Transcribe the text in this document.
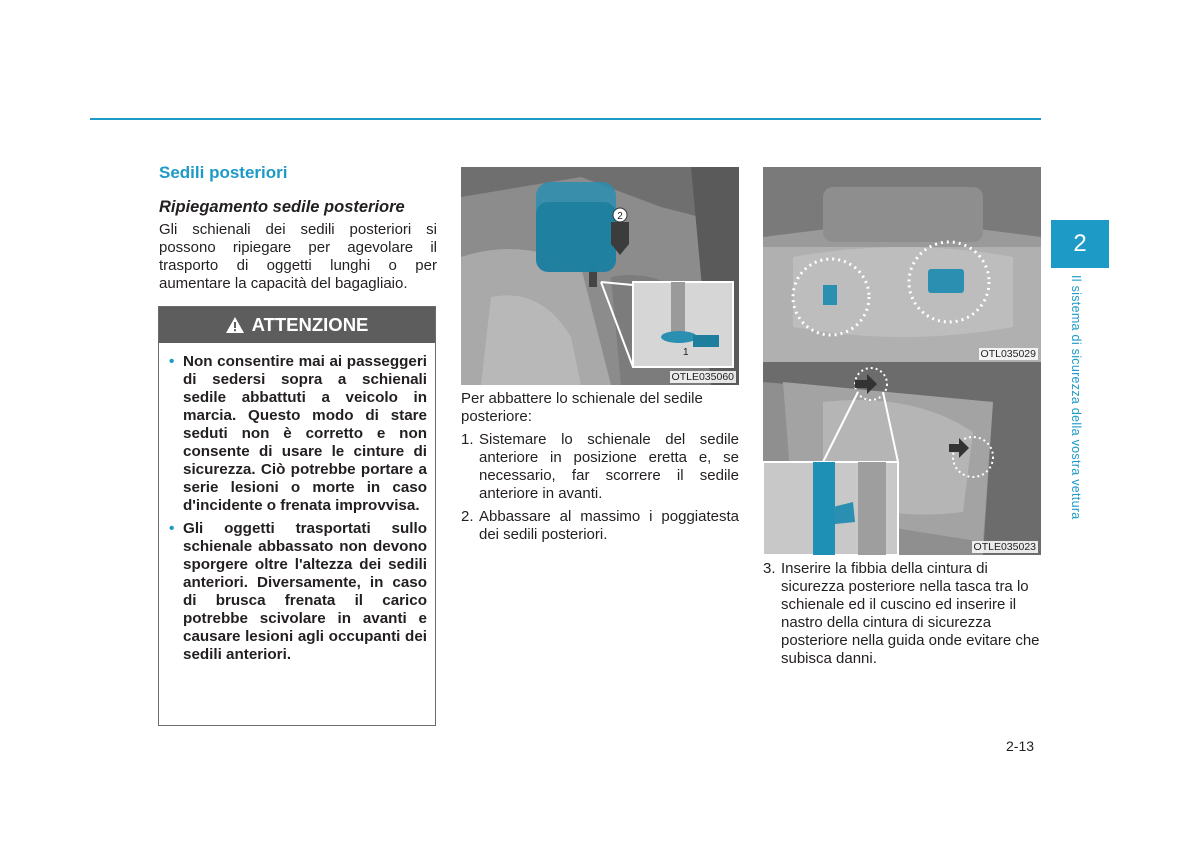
Sedili posteriori
Ripiegamento sedile posteriore
Gli schienali dei sedili posteriori si possono ripiegare per agevolare il trasporto di oggetti lunghi o per aumentare la capacità del bagagliaio.
ATTENZIONE
• Non consentire mai ai passeggeri di sedersi sopra a schienali sedile abbattuti a veicolo in marcia. Questo modo di stare seduti non è corretto e non consente di usare le cinture di sicurezza. Ciò potrebbe portare a serie lesioni o morte in caso d'incidente o frenata improvvisa.
• Gli oggetti trasportati sullo schienale abbassato non devono sporgere oltre l'altezza dei sedili anteriori. Diversamente, in caso di brusca frenata il carico potrebbe scivolare in avanti e causare lesioni agli occupanti dei sedili anteriori.
2
1
OTLE035060
OTL035029
OTLE035023

Per abbattere lo schienale del sedile posteriore:

1. Sistemare lo schienale del sedile anteriore in posizione eretta e, se necessario, far scorrere il sedile anteriore in avanti.
2. Abbassare al massimo i poggiatesta dei sedili posteriori.
3. Inserire la fibbia della cintura di sicurezza posteriore nella tasca tra lo schienale ed il cuscino ed inserire il nastro della cintura di sicurezza posteriore nella guida onde evitare che subisca danni.
2
Il sistema di sicurezza della vostra vettura
2-13
